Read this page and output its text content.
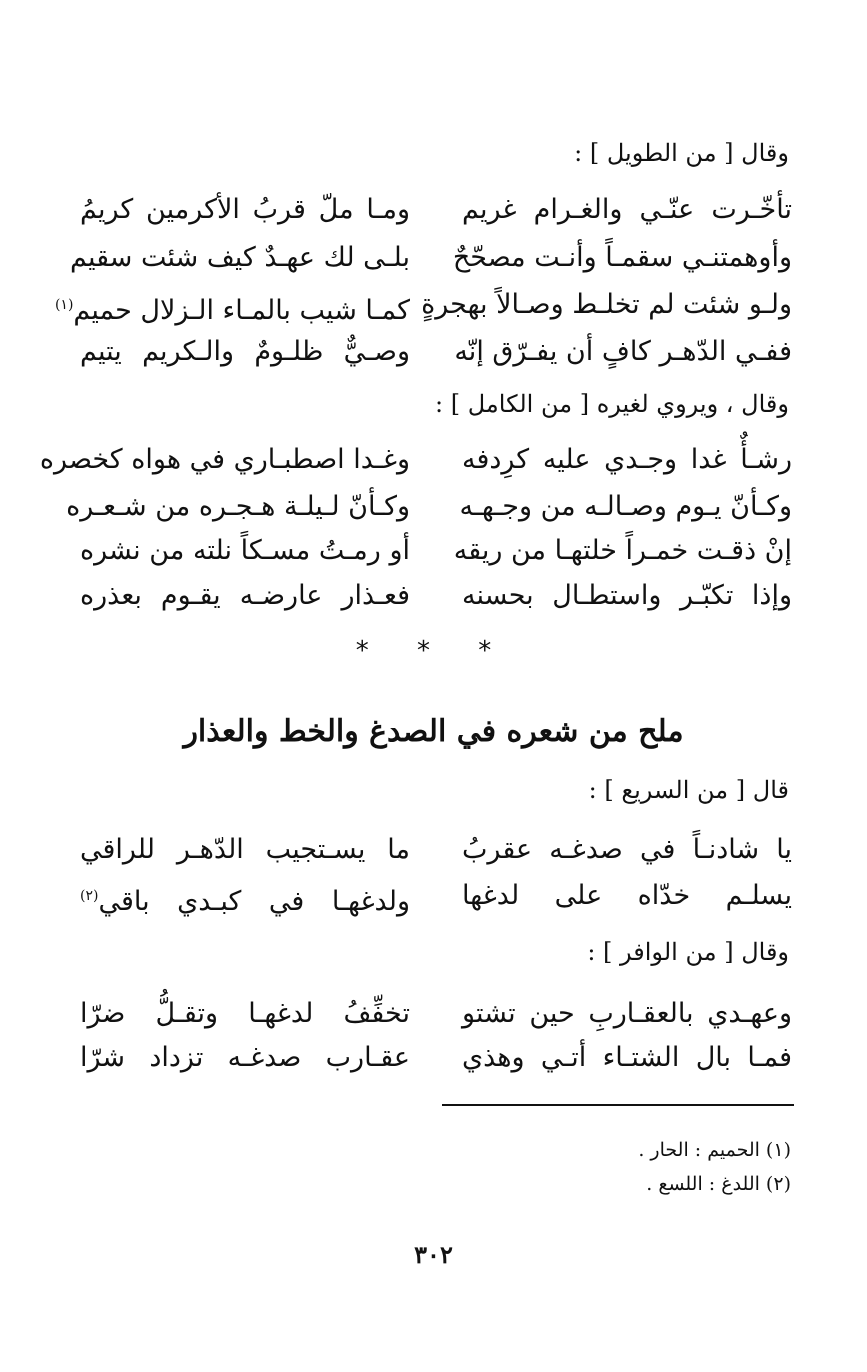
وقال [ من الطويل ] :
تأخّـرت عنّـي والغـرام غريم
ومـا ملّ قربُ الأكرمين كريمُ
وأوهمتنـي سقمـاً وأنـت مصحّحٌ
بلـى لك عهـدٌ كيف شئت سقيم
ولـو شئت لم تخلـط وصـالاً بهجرةٍ
كمـا شيب بالمـاء الـزلال حميم$^{(١)}$
ففـي الدّهـر كافٍ أن يفـرّق إنّه
وصـيٌّ ظلـومٌ والـكريم يتيم
وقال ، ويروي لغيره [ من الكامل ] :
رشـأٌ غدا وجـدي عليه كرِدفه
وغـدا اصطبـاري في هواه كخصره
وكـأنّ يـوم وصـالـه من وجـهـه
وكـأنّ لـيلـة هـجـره من شـعـره
إنْ ذقـت خمـراً خلتهـا من ريقه
أو رمـتُ مسـكاً نلته من نشره
وإذا تكبّـر واستطـال بحسنه
فعـذار عارضـه يقـوم بعذره
* * *
ملح من شعره في الصدغ والخط والعذار
قال [ من السريع ] :
يا شادنـاً في صدغـه عقربُ
ما يسـتجيب الدّهـر للراقي
يسلـم خدّاه على لدغها
ولدغهـا في كبـدي باقي$^{(٢)}$
وقال [ من الوافر ] :
وعهـدي بالعقـاربِ حين تشتو
تخفِّفُ لدغهـا وتقـلُّ ضرّا
فمـا بال الشتـاء أتـي وهذي
عقـارب صدغـه تزداد شرّا
(١) الحميم : الحار .
(٢) اللدغ : اللسع .
٣٠٢
